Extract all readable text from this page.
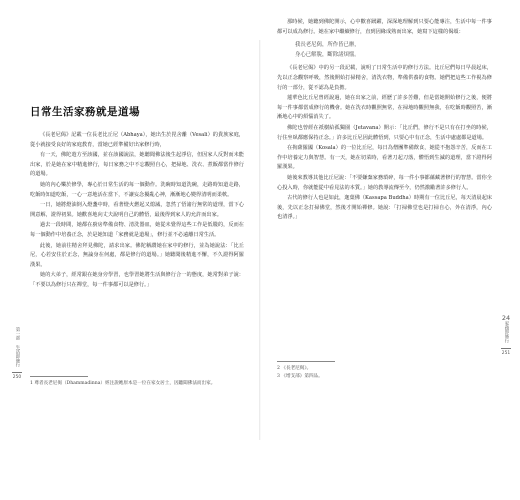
日常生活家務就是道場

《長老尼偈》記載一位長老比丘尼（Abhaya），她出生於毘舍離（Vesali）的貴族家庭，從小就接受良好的家庭教育，當她已經準備好出家修行時，

有一天，佛陀遊方至該國，並在該國說法，她聽聞佛法後生起淨信，但因家人反對而未能出家，於是她在家中精進修行，每日家務之中不忘觀照自心，把掃地、洗衣、煮飯都當作修行的道場。

她的內心樂於修學，專心於日常生活的每一個動作。洗碗時知道洗碗，走路時知道走路，吃飯時知道吃飯，一心一意地活在當下，不讓妄念擾亂心神，漸漸地心變得清明而柔軟。

一日，她將燈油倒入燈盞中時，看著燈火燃起又熄滅，忽然了悟諸行無常的道理，當下心開意解，證得初果。她歡喜地向丈夫說明自己的體悟，最後得到家人的允許而出家。

過去一段時間，她都在廚房準備食物、清洗器皿，她從未覺得這些工作是低賤的，反而在每一個動作中培養正念，於是她知道「家務就是道場」，修行並不必遠離日常生活。

此後，她前往精舍拜見佛陀，請求出家。佛陀稱讚她在家中的修行，並為她說法：「比丘尼，心若安住於正念，無論身在何處，都是修行的道場。」她聽聞後精進不懈，不久證得阿羅漢果。

她的大弟子，經常跟在她身旁學習，也學習她將生活與修行合一的態度，她常對弟子說：「不要以為修行只在禪堂，每一件事都可以是修行。」

1 尊者長老尼偈（Dhammadinna）經注說她原本是一位在家女居士，因聽聞佛法而出家。
第一部 生活即修行
250

那時候，她聽到佛陀開示，心中歡喜踴躍，深深地理解到只要心能專注，生活中每一件事都可以成為修行。她在家中繼續修行，直到因緣成熟而出家，她寫下這樣的偈頌：

我長老尼偈，所作皆已辦，
身心已解脫，斷除諸煩惱。

《長老尼偈》中的另一段記載，說明了日常生活中的修行方法。比丘尼們每日早晨起床，先以正念觀察呼吸，然後開始打掃精舍，清洗衣物，準備供養的食物。她們把這些工作視為修行的一部分，從不認為是負擔。

蓮華色比丘尼曾經說過，她在出家之前，經歷了許多苦難，但是當她開始修行之後，便將每一件事都當成修行的機會。她在洗衣時觀照無常，在掃地時觀照無我，在吃飯時觀照苦，漸漸地心中的煩惱消失了。

佛陀也曾經在祇樹給孤獨園（Jetavana）開示：「比丘們，修行不是只有在打坐的時候，行住坐臥都應保持正念。」許多比丘尼因此體悟到，只要心中有正念，生活中處處都是道場。

在拘薩羅國（Kosala）的一位比丘尼，每日為僧團準備飲食，她從不抱怨辛苦，反而在工作中培養定力與智慧。有一天，她在切菜時，看著刀起刀落，體悟到生滅的道理，當下證得阿羅漢果。

她後來教導其他比丘尼說：「不要嫌棄家務瑣碎，每一件小事都蘊藏著修行的智慧。當你全心投入時，你就能從中看見法的本質。」她的教導流傳至今，仍然激勵著許多修行人。

古代的修行人也是如此，迦葉佛（Kassapa Buddha）時期有一位比丘尼，每天清晨起床後，先以正念打掃佛堂，然後才開始禪修。她說：「打掃佛堂也是打掃自心，外在清淨，內心也清淨。」

2 《長老尼偈》。
3 《增支部》第四品。
24
家務即修行
251
